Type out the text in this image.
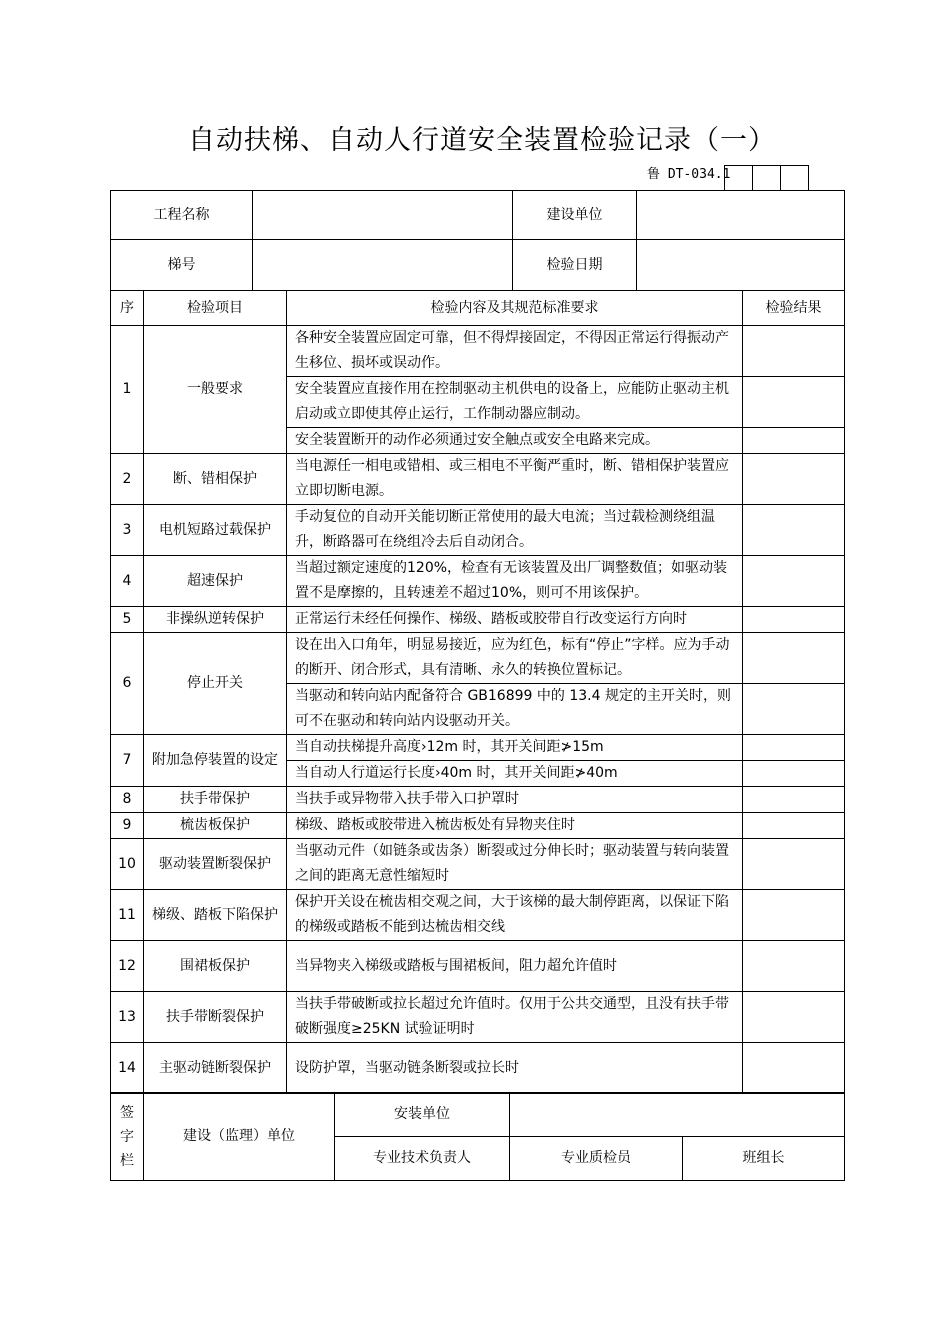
自动扶梯、自动人行道安全装置检验记录（一）
鲁 DT-034.1
工程名称		建设单位	
梯号		检验日期	
序	检验项目	检验内容及其规范标准要求	检验结果
1	一般要求	各种安全装置应固定可靠，但不得焊接固定，不得因正常运行得振动产生移位、损坏或误动作。	
		安全装置应直接作用在控制驱动主机供电的设备上，应能防止驱动主机启动或立即使其停止运行，工作制动器应制动。	
		安全装置断开的动作必须通过安全触点或安全电路来完成。	
2	断、错相保护	当电源任一相电或错相、或三相电不平衡严重时，断、错相保护装置应立即切断电源。	
3	电机短路过载保护	手动复位的自动开关能切断正常使用的最大电流；当过载检测绕组温升，断路器可在绕组冷去后自动闭合。	
4	超速保护	当超过额定速度的120%，检查有无该装置及出厂调整数值；如驱动装置不是摩擦的，且转速差不超过10%，则可不用该保护。	
5	非操纵逆转保护	正常运行未经任何操作、梯级、踏板或胶带自行改变运行方向时	
6	停止开关	设在出入口角年，明显易接近，应为红色，标有“停止”字样。应为手动的断开、闭合形式，具有清晰、永久的转换位置标记。	
		当驱动和转向站内配备符合 GB16899 中的 13.4 规定的主开关时，则可不在驱动和转向站内设驱动开关。	
7	附加急停装置的设定	当自动扶梯提升高度›12m 时，其开关间距≯15m	
		当自动人行道运行长度›40m 时，其开关间距≯40m	
8	扶手带保护	当扶手或异物带入扶手带入口护罩时	
9	梳齿板保护	梯级、踏板或胶带进入梳齿板处有异物夹住时	
10	驱动装置断裂保护	当驱动元件（如链条或齿条）断裂或过分伸长时；驱动装置与转向装置之间的距离无意性缩短时	
11	梯级、踏板下陷保护	保护开关设在梳齿相交观之间，大于该梯的最大制停距离，以保证下陷的梯级或踏板不能到达梳齿相交线	
12	围裙板保护	当异物夹入梯级或踏板与围裙板间，阻力超允许值时	
13	扶手带断裂保护	当扶手带破断或拉长超过允许值时。仅用于公共交通型，且没有扶手带破断强度≥25KN 试验证明时	
14	主驱动链断裂保护	设防护罩，当驱动链条断裂或拉长时	
签字栏	建设（监理）单位	安装单位		
		专业技术负责人	专业质检员	班组长
